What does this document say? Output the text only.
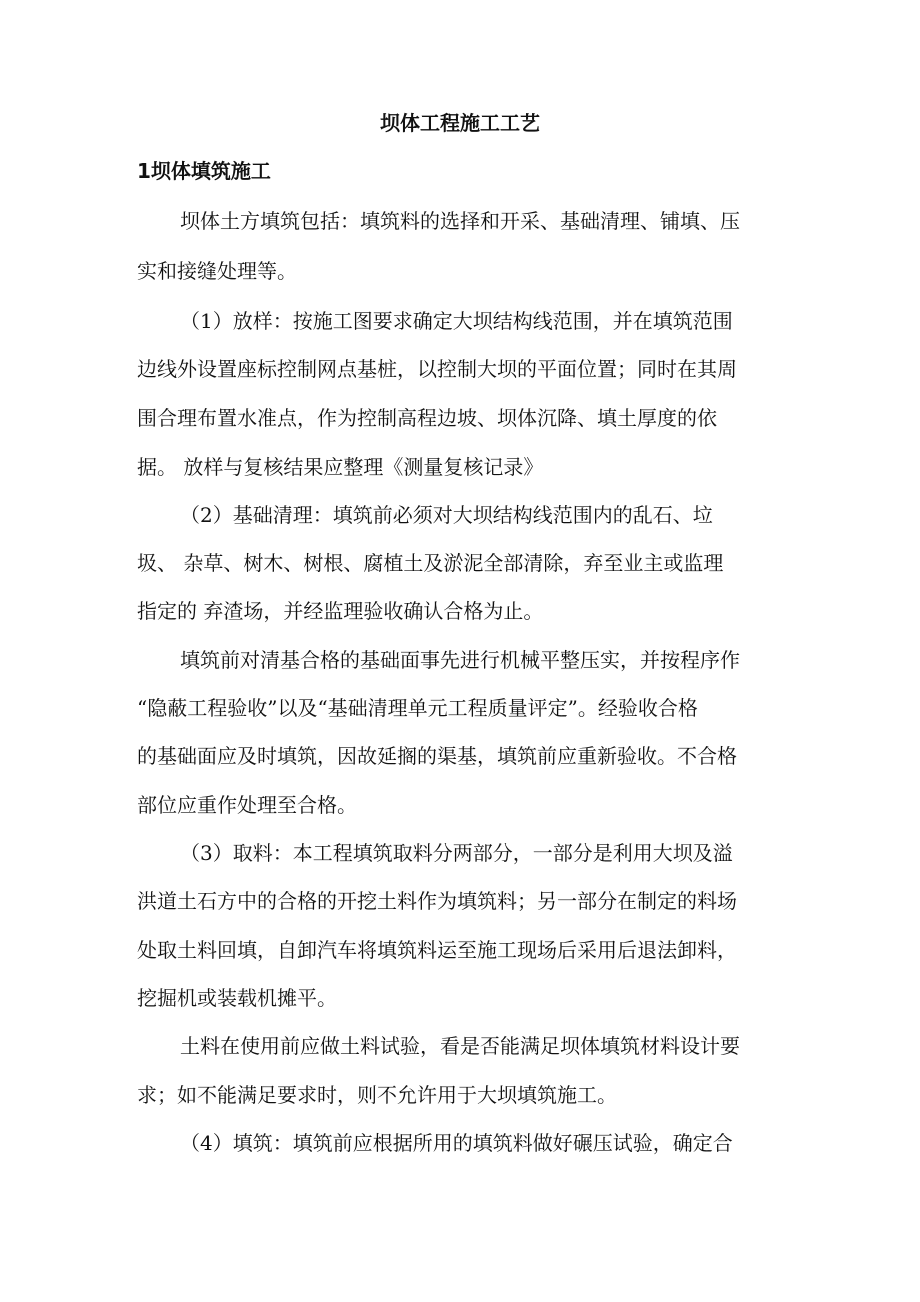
坝体工程施工工艺
1坝体填筑施工
坝体土方填筑包括：填筑料的选择和开采、基础清理、铺填、压
实和接缝处理等。
（1）放样：按施工图要求确定大坝结构线范围，并在填筑范围
边线外设置座标控制网点基桩，以控制大坝的平面位置；同时在其周
围合理布置水准点，作为控制高程边坡、坝体沉降、填土厚度的依
据。 放样与复核结果应整理《测量复核记录》
（2）基础清理：填筑前必须对大坝结构线范围内的乱石、垃
圾、 杂草、树木、树根、腐植土及淤泥全部清除，弃至业主或监理
指定的 弃渣场，并经监理验收确认合格为止。
填筑前对清基合格的基础面事先进行机械平整压实，并按程序作
“隐蔽工程验收”以及“基础清理单元工程质量评定”。经验收合格
的基础面应及时填筑，因故延搁的渠基，填筑前应重新验收。不合格
部位应重作处理至合格。
（3）取料：本工程填筑取料分两部分，一部分是利用大坝及溢
洪道土石方中的合格的开挖土料作为填筑料；另一部分在制定的料场
处取土料回填，自卸汽车将填筑料运至施工现场后采用后退法卸料，
挖掘机或装载机摊平。
土料在使用前应做土料试验，看是否能满足坝体填筑材料设计要
求；如不能满足要求时，则不允许用于大坝填筑施工。
（4）填筑：填筑前应根据所用的填筑料做好碾压试验，确定合
